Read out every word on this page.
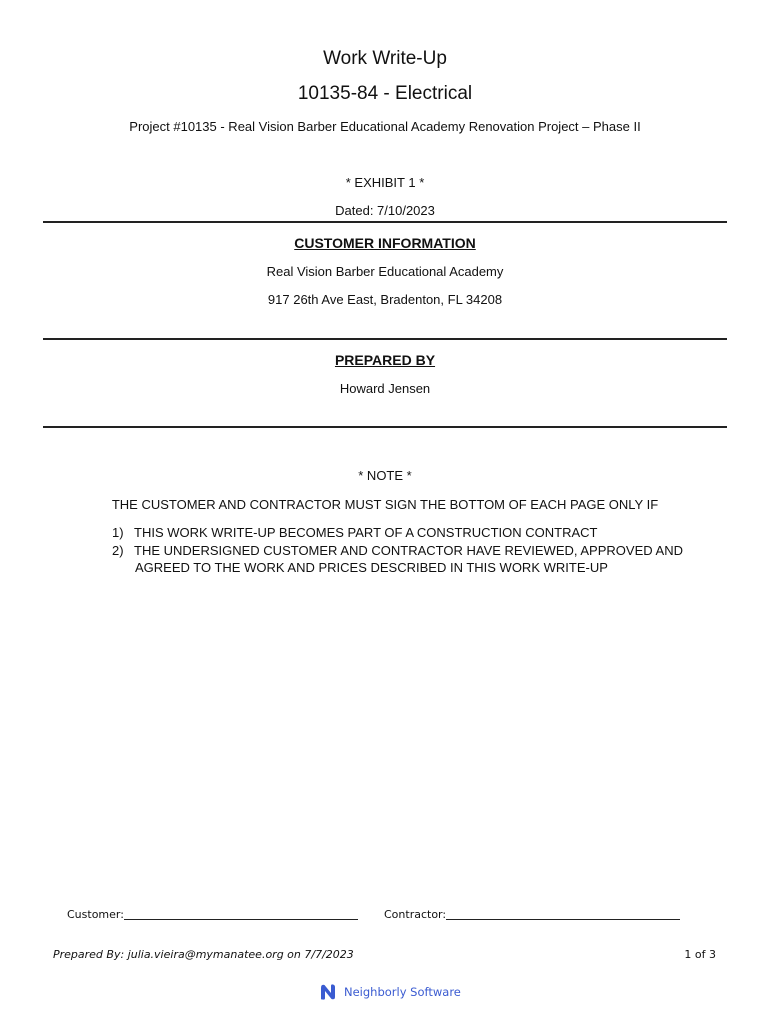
Work Write-Up
10135-84 - Electrical
Project #10135 - Real Vision Barber Educational Academy Renovation Project – Phase II
* EXHIBIT 1 *
Dated: 7/10/2023
CUSTOMER INFORMATION
Real Vision Barber Educational Academy
917 26th Ave East, Bradenton, FL 34208
PREPARED BY
Howard Jensen
* NOTE *
THE CUSTOMER AND CONTRACTOR MUST SIGN THE BOTTOM OF EACH PAGE ONLY IF
1) THIS WORK WRITE-UP BECOMES PART OF A CONSTRUCTION CONTRACT
2) THE UNDERSIGNED CUSTOMER AND CONTRACTOR HAVE REVIEWED, APPROVED AND
AGREED TO THE WORK AND PRICES DESCRIBED IN THIS WORK WRITE-UP
Customer:	Contractor:
Prepared By: julia.vieira@mymanatee.org on 7/7/2023	1 of 3
Neighborly Software
